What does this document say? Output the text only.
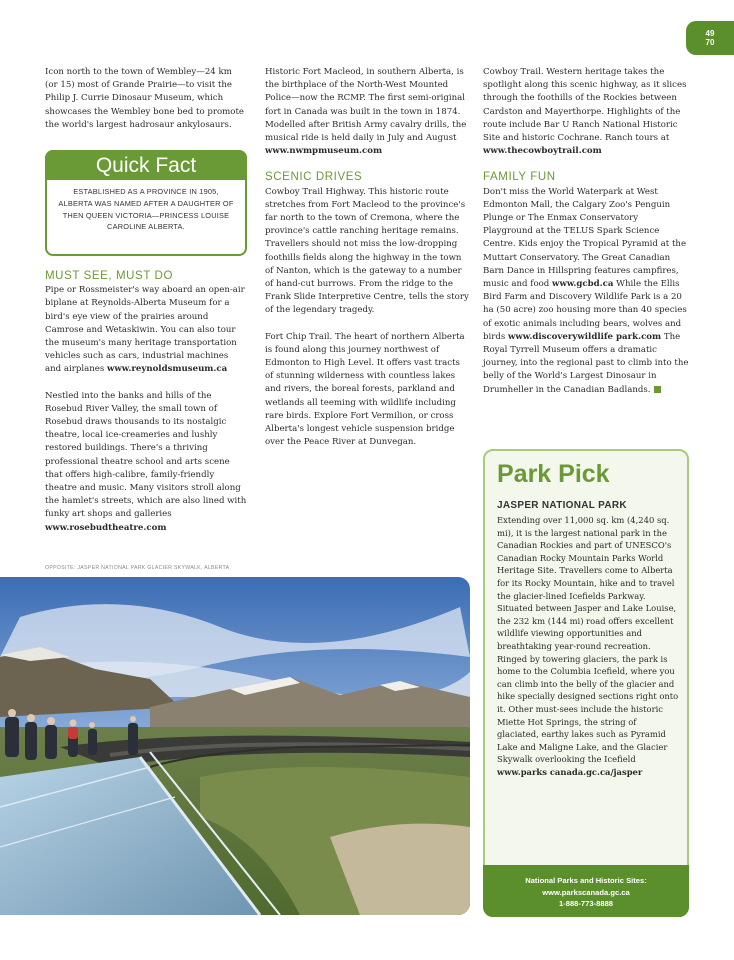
49
70

Icon north to the town of Wembley—24 km (or 15) most of Grande Prairie—to visit the Philip J. Currie Dinosaur Museum, which showcases the Wembley bone bed to promote the world's largest hadrosaur ankylosaurs.

Quick Fact
ESTABLISHED AS A PROVINCE IN 1905, ALBERTA WAS NAMED AFTER A DAUGHTER OF THEN QUEEN VICTORIA—PRINCESS LOUISE CAROLINE ALBERTA.
MUST SEE, MUST DO

Pipe or Rossmeister's way aboard an open-air biplane at Reynolds-Alberta Museum for a bird's eye view of the prairies around Camrose and Wetaskiwin. You can also tour the museum's many heritage transportation vehicles such as cars, industrial machines and airplanes www.reynoldsmuseum.ca

Nestled into the banks and hills of the Rosebud River Valley, the small town of Rosebud draws thousands to its nostalgic theatre, local ice-creameries and lushly restored buildings. There's a thriving professional theatre school and arts scene that offers high-calibre, family-friendly theatre and music. Many visitors stroll along the hamlet's streets, which are also lined with funky art shops and galleries www.rosebudtheatre.com

Historic Fort Macleod, in southern Alberta, is the birthplace of the North-West Mounted Police—now the RCMP. The first semi-original fort in Canada was built in the town in 1874. Modelled after British Army cavalry drills, the musical ride is held daily in July and August www.nwmpmuseum.com

SCENIC DRIVES

Cowboy Trail Highway. This historic route stretches from Fort Macleod to the province's far north to the town of Cremona, where the province's cattle ranching heritage remains. Travellers should not miss the low-dropping foothills fields along the highway in the town of Nanton, which is the gateway to a number of hand-cut burrows. From the ridge to the Frank Slide Interpretive Centre, tells the story of the legendary tragedy.

Fort Chip Trail. The heart of northern Alberta is found along this journey northwest of Edmonton to High Level. It offers vast tracts of stunning wilderness with countless lakes and rivers, the boreal forests, parkland and wetlands all teeming with wildlife including rare birds. Explore Fort Vermilion, or cross Alberta's longest vehicle suspension bridge over the Peace River at Dunvegan.

Cowboy Trail. Western heritage takes the spotlight along this scenic highway, as it slices through the foothills of the Rockies between Cardston and Mayerthorpe. Highlights of the route include Bar U Ranch National Historic Site and historic Cochrane. Ranch tours at www.thecowboytrail.com

FAMILY FUN

Don't miss the World Waterpark at West Edmonton Mall, the Calgary Zoo's Penguin Plunge or The Enmax Conservatory Playground at the TELUS Spark Science Centre. Kids enjoy the Tropical Pyramid at the Muttart Conservatory. The Great Canadian Barn Dance in Hillspring features campfires, music and food www.gcbd.ca While the Ellis Bird Farm and Discovery Wildlife Park is a 20 ha (50 acre) zoo housing more than 40 species of exotic animals including bears, wolves and birds www.discoverywildlife park.com The Royal Tyrrell Museum offers a dramatic journey, into the regional past to climb into the belly of the World's Largest Dinosaur in Drumheller in the Canadian Badlands.

OPPOSITE: JASPER NATIONAL PARK GLACIER SKYWALK, ALBERTA
Park Pick
JASPER NATIONAL PARK
Extending over 11,000 sq. km (4,240 sq. mi), it is the largest national park in the Canadian Rockies and part of UNESCO's Canadian Rocky Mountain Parks World Heritage Site. Travellers come to Alberta for its Rocky Mountain, hike and to travel the glacier-lined Icefields Parkway. Situated between Jasper and Lake Louise, the 232 km (144 mi) road offers excellent wildlife viewing opportunities and breathtaking year-round recreation. Ringed by towering glaciers, the park is home to the Columbia Icefield, where you can climb into the belly of the glacier and hike specially designed sections right onto it. Other must-sees include the historic Miette Hot Springs, the string of glaciated, earthy lakes such as Pyramid Lake and Maligne Lake, and the Glacier Skywalk overlooking the Icefield www.parks canada.gc.ca/jasper
National Parks and Historic Sites:
www.parkscanada.gc.ca
1-888-773-8888
